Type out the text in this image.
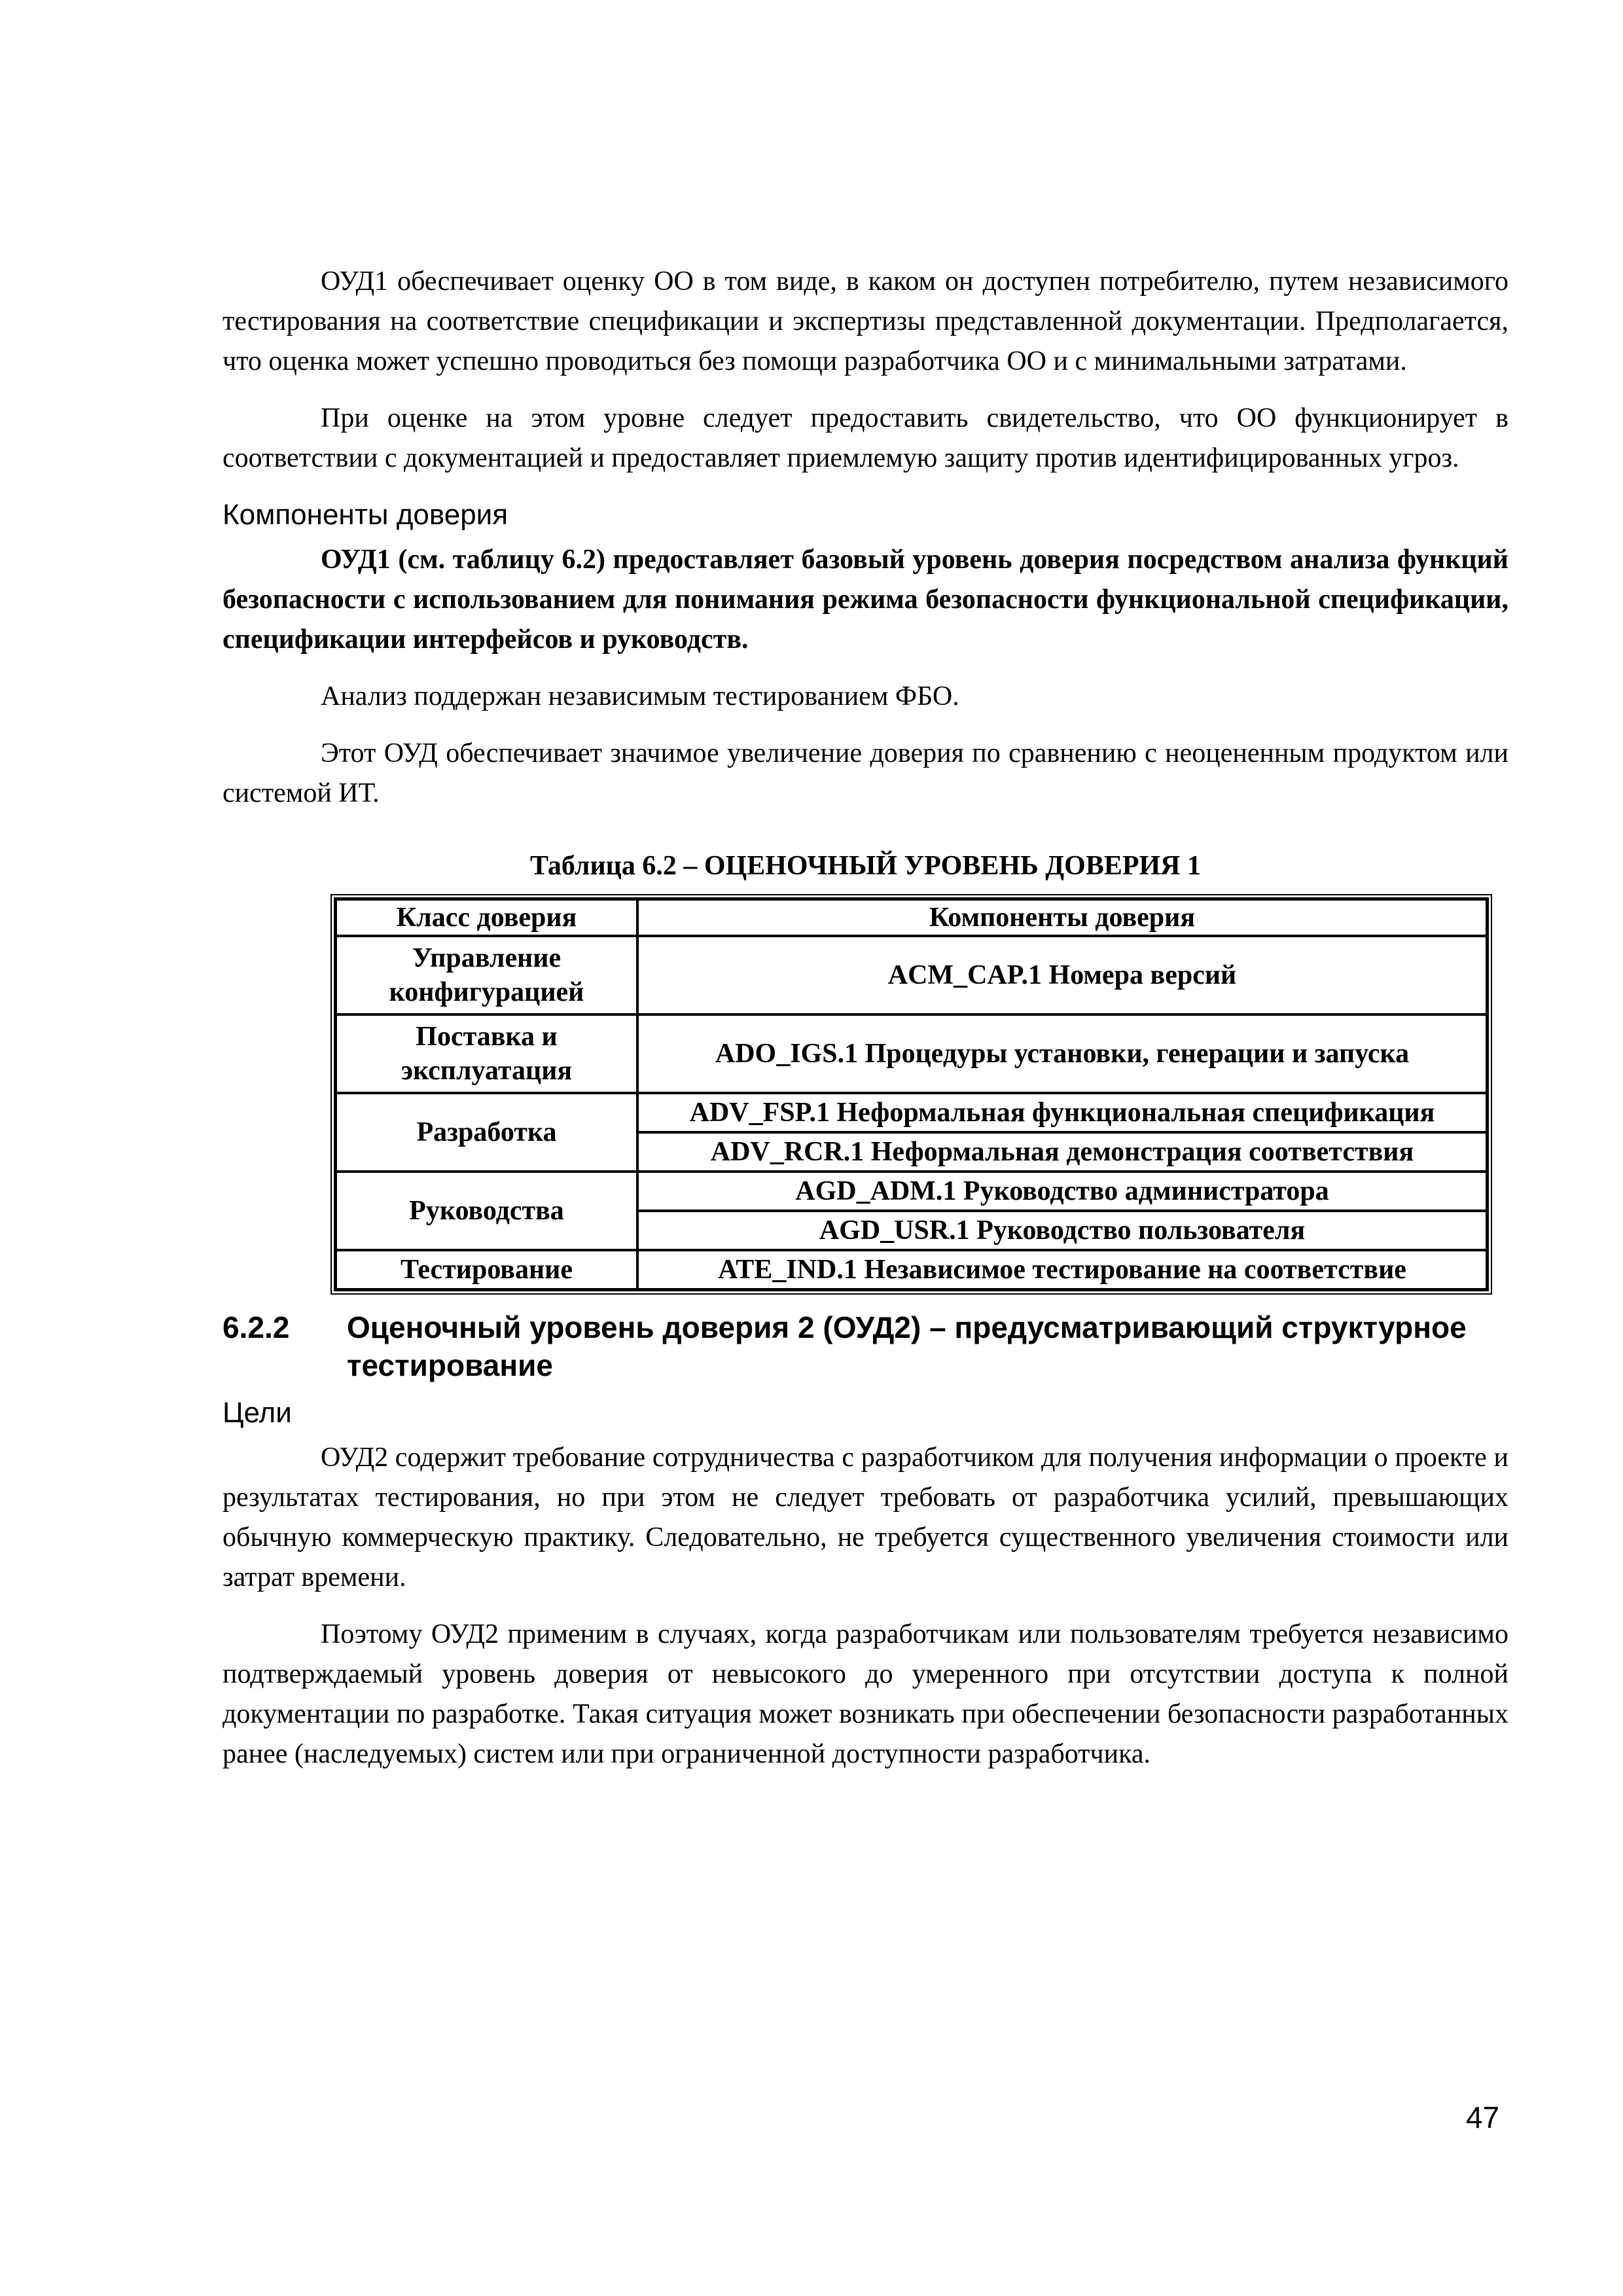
ОУД1 обеспечивает оценку ОО в том виде, в каком он доступен потребителю, путем независимого тестирования на соответствие спецификации и экспертизы представленной документации. Предполагается, что оценка может успешно проводиться без помощи разработчика ОО и с минимальными затратами.

При оценке на этом уровне следует предоставить свидетельство, что ОО функционирует в соответствии с документацией и предоставляет приемлемую защиту против идентифицированных угроз.

Компоненты доверия

ОУД1 (см. таблицу 6.2) предоставляет базовый уровень доверия посредством анализа функций безопасности с использованием для понимания режима безопасности функциональной спецификации, спецификации интерфейсов и руководств.

Анализ поддержан независимым тестированием ФБО.

Этот ОУД обеспечивает значимое увеличение доверия по сравнению с неоцененным продуктом или системой ИТ.

Таблица 6.2 – ОЦЕНОЧНЫЙ УРОВЕНЬ ДОВЕРИЯ 1
Класс доверия	Компоненты доверия
Управление конфигурацией	ACM_CAP.1 Номера версий
Поставка и эксплуатация	ADO_IGS.1 Процедуры установки, генерации и запуска
Разработка	ADV_FSP.1 Неформальная функциональная спецификация
	ADV_RCR.1 Неформальная демонстрация соответствия
Руководства	AGD_ADM.1 Руководство администратора
	AGD_USR.1 Руководство пользователя
Тестирование	ATE_IND.1 Независимое тестирование на соответствие
6.2.2	Оценочный уровень доверия 2 (ОУД2) – предусматривающий структурное тестирование
Цели

ОУД2 содержит требование сотрудничества с разработчиком для получения информации о проекте и результатах тестирования, но при этом не следует требовать от разработчика усилий, превышающих обычную коммерческую практику. Следовательно, не требуется существенного увеличения стоимости или затрат времени.

Поэтому ОУД2 применим в случаях, когда разработчикам или пользователям требуется независимо подтверждаемый уровень доверия от невысокого до умеренного при отсутствии доступа к полной документации по разработке. Такая ситуация может возникать при обеспечении безопасности разработанных ранее (наследуемых) систем или при ограниченной доступности разработчика.

47
